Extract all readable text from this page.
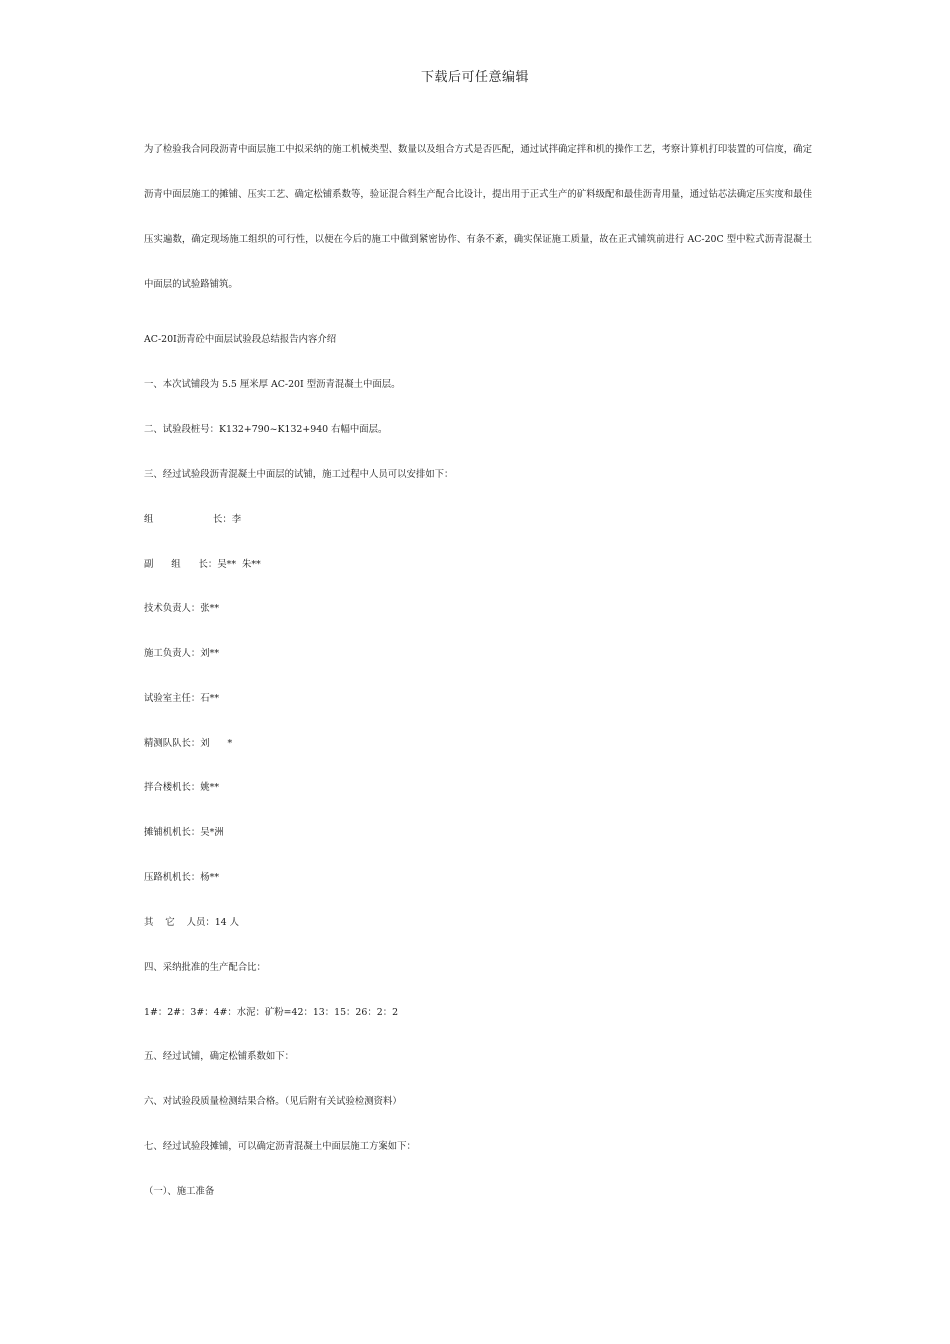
下载后可任意编辑

为了检验我合同段沥青中面层施工中拟采纳的施工机械类型、数量以及组合方式是否匹配，通过试拌确定拌和机的操作工艺，考察计算机打印装置的可信度，确定沥青中面层施工的摊铺、压实工艺、确定松铺系数等，验证混合料生产配合比设计，提出用于正式生产的矿料级配和最佳沥青用量，通过钻芯法确定压实度和最佳压实遍数，确定现场施工组织的可行性，以便在今后的施工中做到紧密协作、有条不紊，确实保证施工质量，故在正式铺筑前进行 AC-20C 型中粒式沥青混凝土中面层的试验路铺筑。

AC-20Ⅰ沥青砼中面层试验段总结报告内容介绍
一、本次试铺段为 5.5 厘米厚 AC-20Ⅰ 型沥青混凝土中面层。
二、试验段桩号：K132+790~K132+940 右幅中面层。
三、经过试验段沥青混凝土中面层的试铺，施工过程中人员可以安排如下：
组                    长：李
副      组      长：吴**  朱**
技术负责人：张**
施工负责人：刘**
试验室主任：石**
精测队队长：刘      *
拌合楼机长：姚**
摊铺机机长：吴*洲
压路机机长：杨**
其    它    人员：14 人
四、采纳批准的生产配合比：
1#：2#：3#：4#：水泥：矿粉=42：13：15：26：2：2
五、经过试铺，确定松铺系数如下：
六、对试验段质量检测结果合格。（见后附有关试验检测资料）
七、经过试验段摊铺，可以确定沥青混凝土中面层施工方案如下：
（一）、施工准备
